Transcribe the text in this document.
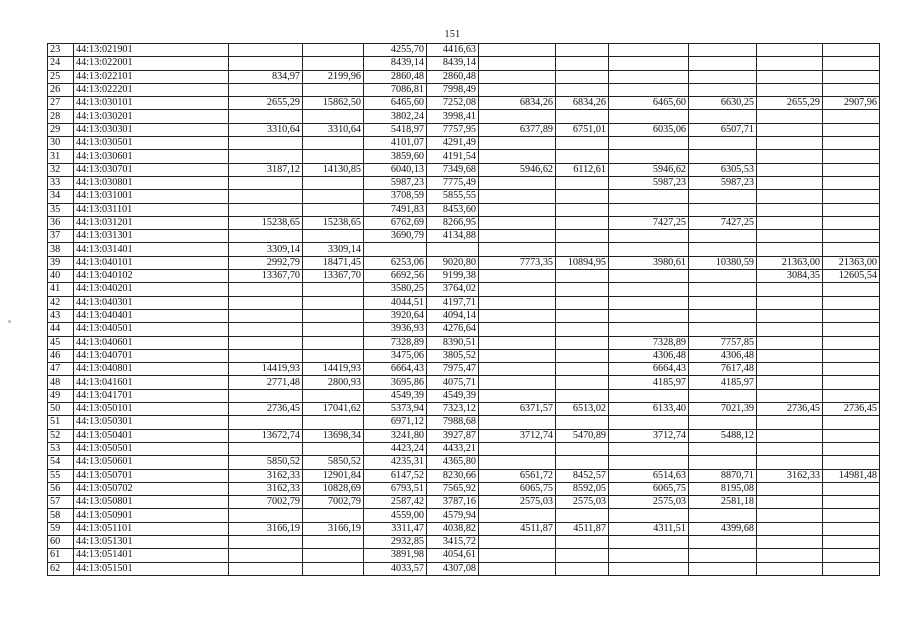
151
23	44:13:021901			4255,70	4416,63						
24	44:13:022001			8439,14	8439,14						
25	44:13:022101	834,97	2199,96	2860,48	2860,48						
26	44:13:022201			7086,81	7998,49						
27	44:13:030101	2655,29	15862,50	6465,60	7252,08	6834,26	6834,26	6465,60	6630,25	2655,29	2907,96
28	44:13:030201			3802,24	3998,41						
29	44:13:030301	3310,64	3310,64	5418,97	7757,95	6377,89	6751,01	6035,06	6507,71		
30	44:13:030501			4101,07	4291,49						
31	44:13:030601			3859,60	4191,54						
32	44:13:030701	3187,12	14130,85	6040,13	7349,68	5946,62	6112,61	5946,62	6305,53		
33	44:13:030801			5987,23	7775,49			5987,23	5987,23		
34	44:13:031001			3708,59	5855,55						
35	44:13:031101			7491,83	8453,60						
36	44:13:031201	15238,65	15238,65	6762,69	8266,95			7427,25	7427,25		
37	44:13:031301			3690,79	4134,88						
38	44:13:031401	3309,14	3309,14								
39	44:13:040101	2992,79	18471,45	6253,06	9020,80	7773,35	10894,95	3980,61	10380,59	21363,00	21363,00
40	44:13:040102	13367,70	13367,70	6692,56	9199,38					3084,35	12605,54
41	44:13:040201			3580,25	3764,02						
42	44:13:040301			4044,51	4197,71						
43	44:13:040401			3920,64	4094,14						
44	44:13:040501			3936,93	4276,64						
45	44:13:040601			7328,89	8390,51			7328,89	7757,85		
46	44:13:040701			3475,06	3805,52			4306,48	4306,48		
47	44:13:040801	14419,93	14419,93	6664,43	7975,47			6664,43	7617,48		
48	44:13:041601	2771,48	2800,93	3695,86	4075,71			4185,97	4185,97		
49	44:13:041701			4549,39	4549,39						
50	44:13:050101	2736,45	17041,62	5373,94	7323,12	6371,57	6513,02	6133,40	7021,39	2736,45	2736,45
51	44:13:050301			6971,12	7988,68						
52	44:13:050401	13672,74	13698,34	3241,80	3927,87	3712,74	5470,89	3712,74	5488,12		
53	44:13:050501			4423,24	4433,21						
54	44:13:050601	5850,52	5850,52	4235,31	4365,80						
55	44:13:050701	3162,33	12901,84	6147,52	8230,66	6561,72	8452,57	6514,63	8870,71	3162,33	14981,48
56	44:13:050702	3162,33	10828,69	6793,51	7565,92	6065,75	8592,05	6065,75	8195,08		
57	44:13:050801	7002,79	7002,79	2587,42	3787,16	2575,03	2575,03	2575,03	2581,18		
58	44:13:050901			4559,00	4579,94						
59	44:13:051101	3166,19	3166,19	3311,47	4038,82	4511,87	4511,87	4311,51	4399,68		
60	44:13:051301			2932,85	3415,72						
61	44:13:051401			3891,98	4054,61						
62	44:13:051501			4033,57	4307,08						
